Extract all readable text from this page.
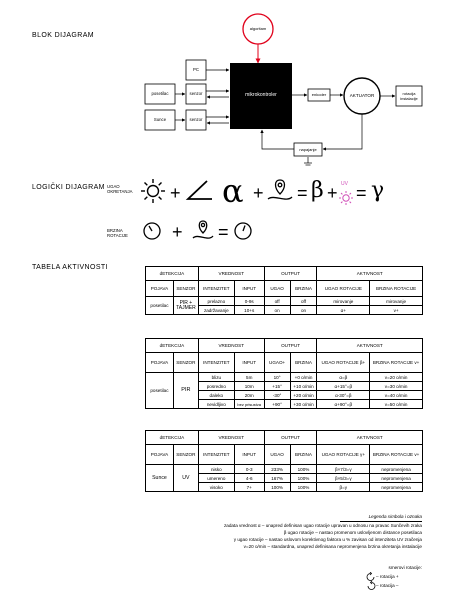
BLOK DIJAGRAM
algoritam
PC
posetilac	senzor
Sunce	senzor
mikrokontroler	enkoder	AKTUATOR	rotacija instalacije
napajanje
LOGIČKI DIJAGRAM UGAO OKRETANJA
BRZINA ROTACIJE
+ α + = β + UV = γ
+ =
TABELA AKTIVNOSTI
dETEKCIJA		VREDNOST		OUTPUT		AKTIVNOST	
POJAVA	SENZOR	INTENZITET	INPUT	UGAO	BRZINA	UGAO ROTACIJE	BRZINA ROTACIJE
posetilac	PIR + TAJMER	prelazno	0-9s	off	off	mirovanje	mirovanje
		zadržavanje	10+s	on	on	α+	v+
dETEKCIJA		VREDNOST		OUTPUT		AKTIVNOST	
POJAVA	SENZOR	INTENZITET	INPUT	UGAO+	BRZINA	UGAO ROTACIJE β+	BRZINA ROTACIJE v+
posetilac	PIR	blizu	5m	10°	+0 o/min	α=β	v=20 o/min
		posredno	10m	+15°	+10 o/min	α+15°=β	v=30 o/min
		daleko	20m	-30°	+20 o/min	α-30°=β	v=40 o/min
		nevidljivo	bez prisustva	+90°	+30 o/min	α+90°=β	v=50 o/min
dETEKCIJA		VREDNOST		OUTPUT		AKTIVNOST	
POJAVA	SENZOR	INTENZITET	INPUT	UGAO	BRZINA	UGAO ROTACIJE γ+	BRZINA ROTACIJE v+
Sunce	UV	nisko	0-3	233%	100%	β×7/3=γ	nepromenjena
		umereno	4-6	167%	100%	β×5/3=γ	nepromenjena
		visoko	7+	100%	100%	β=γ	nepromenjena
Legenda simbola i oznaka
zadata vrednost α – unapred definisan ugao rotacije upravan u odnosu na pravac Sunčevih zraka
β ugao rotacije – nastao promenom uslovljenom distance posetilaca
γ ugao rotacije – nastao uslovom korektivnog faktora u % zavisan od intenziteta UV zračenja
v=20 o/min – standardna, unapred definisana nepromenjena brzina okretanja instalacije
smerovi rotacije:
– rotacija +
– rotacija –
